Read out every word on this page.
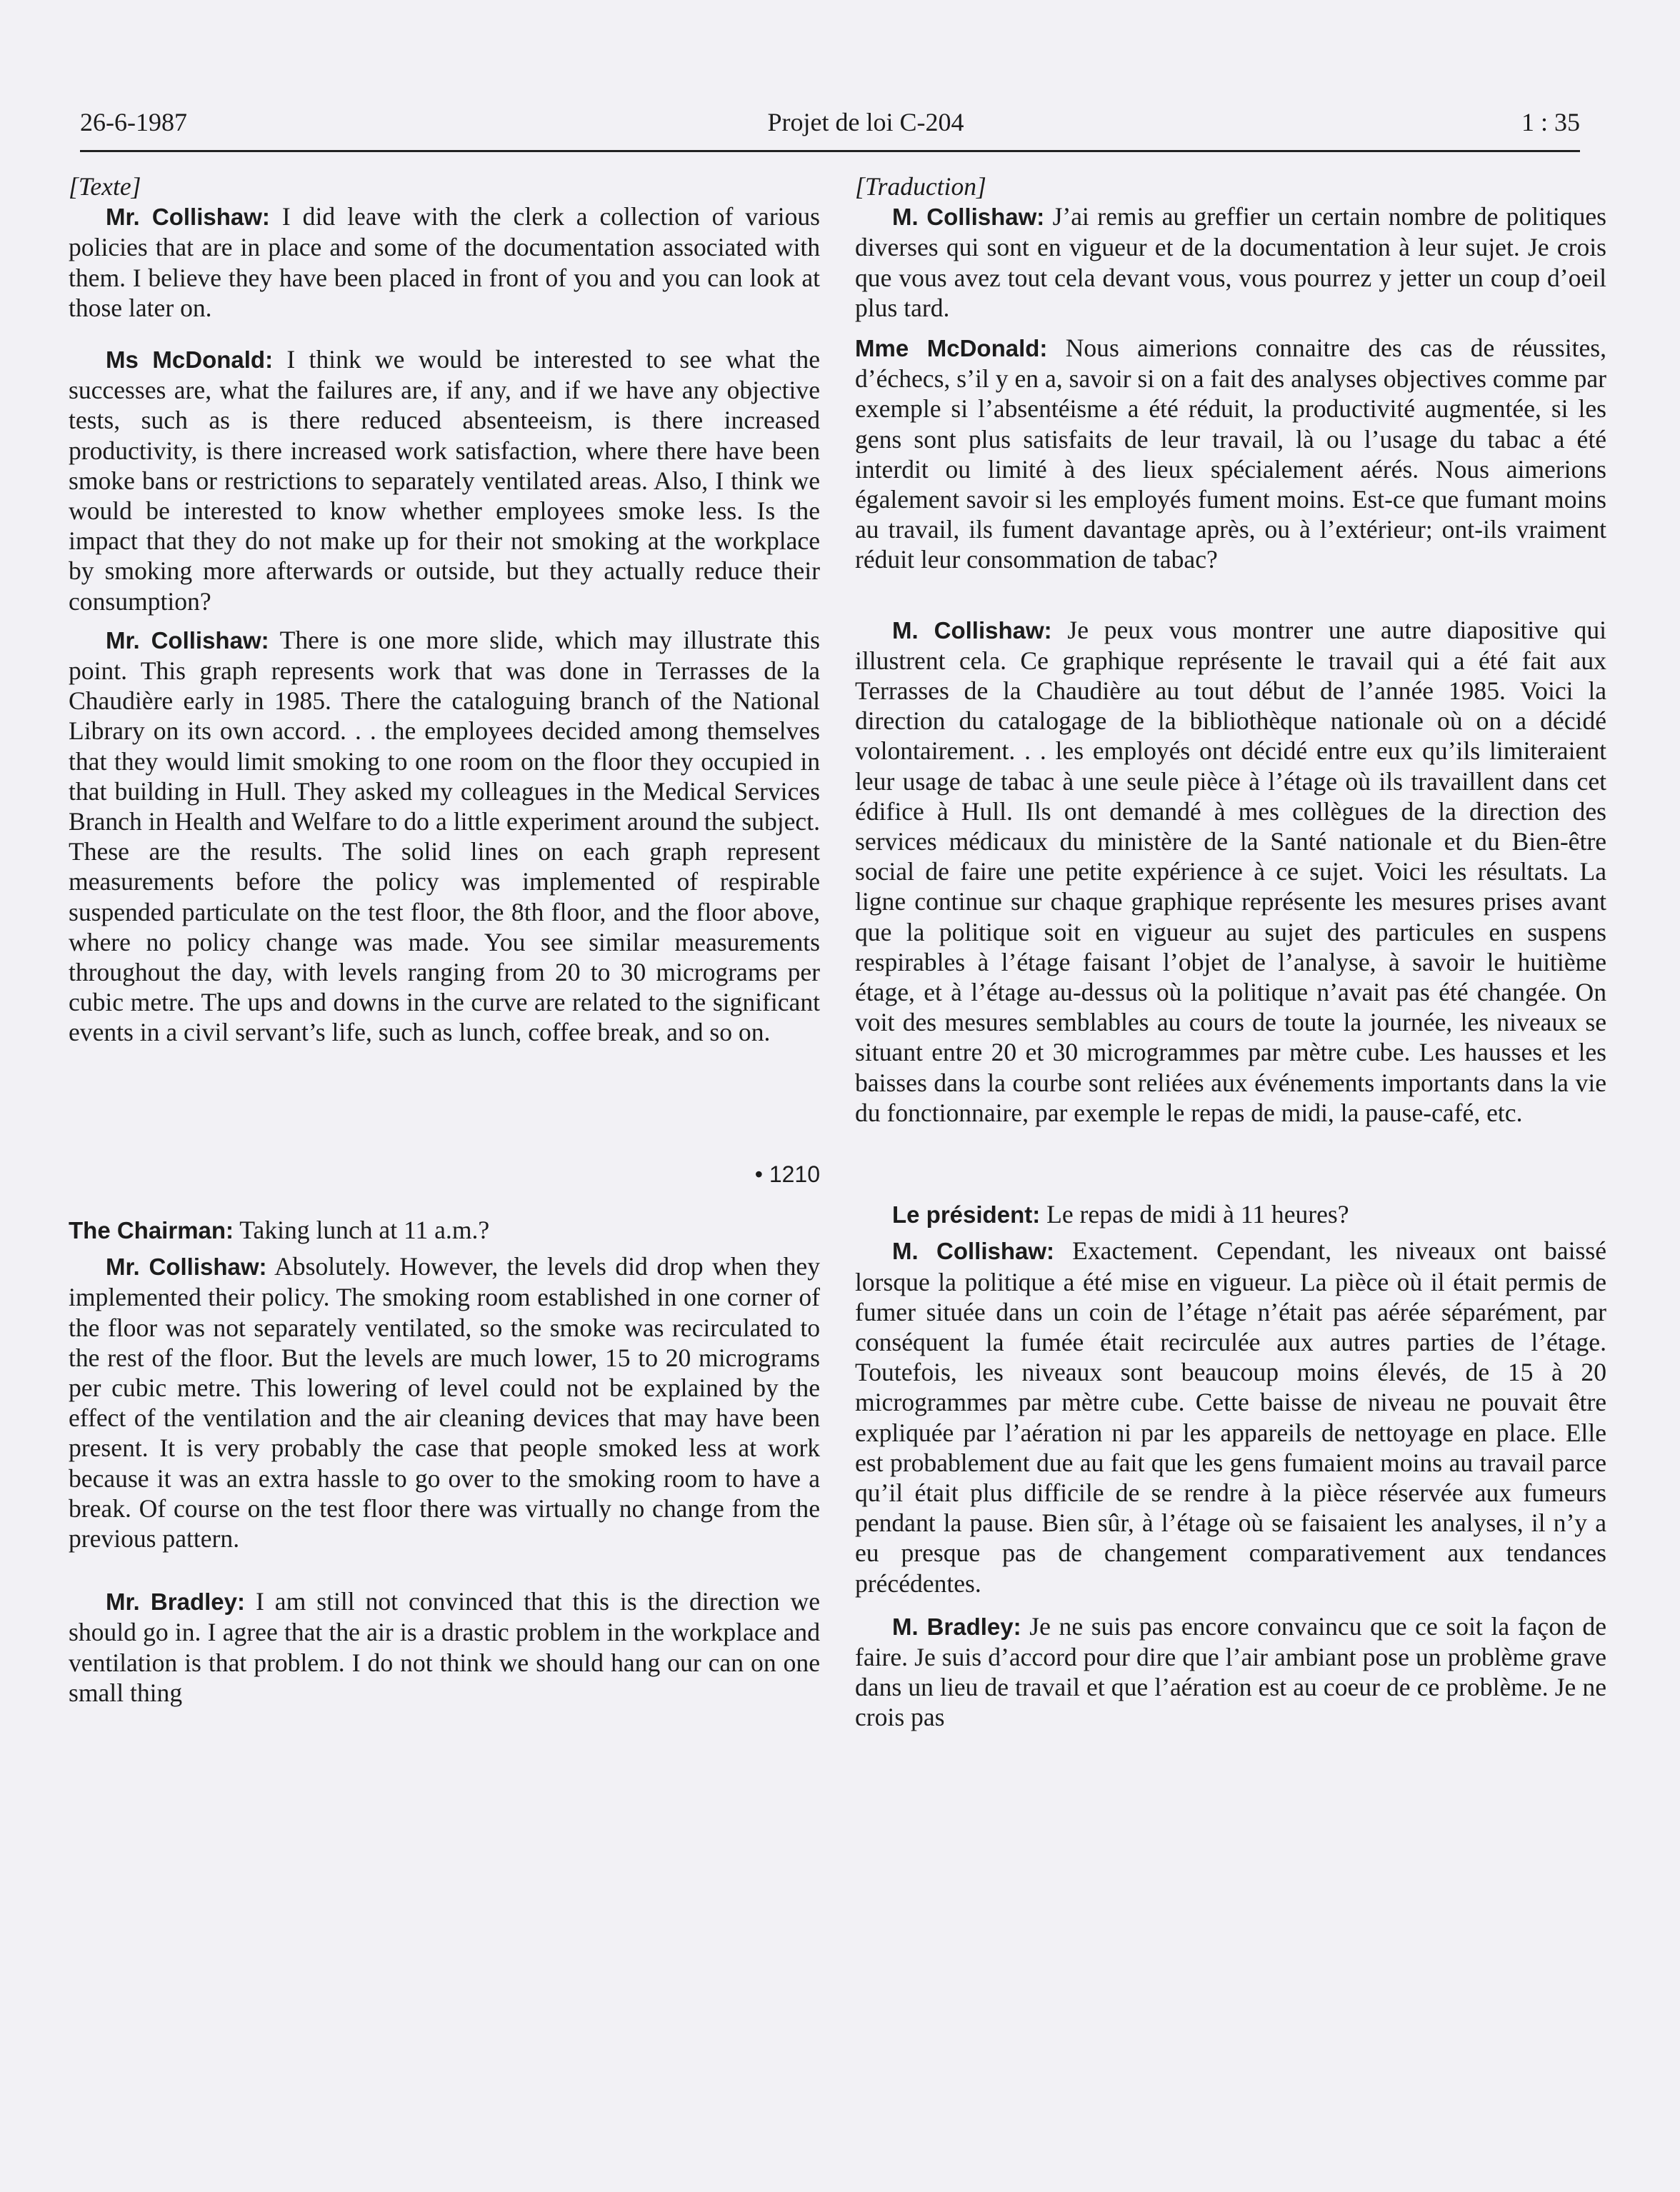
26-6-1987	Projet de loi C-204	1 : 35

[Texte]

Mr. Collishaw: I did leave with the clerk a collection of various policies that are in place and some of the documentation associated with them. I believe they have been placed in front of you and you can look at those later on.

Ms McDonald: I think we would be interested to see what the successes are, what the failures are, if any, and if we have any objective tests, such as is there reduced absenteeism, is there increased productivity, is there increased work satisfaction, where there have been smoke bans or restrictions to separately ventilated areas. Also, I think we would be interested to know whether employees smoke less. Is the impact that they do not make up for their not smoking at the workplace by smoking more afterwards or outside, but they actually reduce their consumption?

Mr. Collishaw: There is one more slide, which may illustrate this point. This graph represents work that was done in Terrasses de la Chaudière early in 1985. There the cataloguing branch of the National Library on its own accord. . . the employees decided among themselves that they would limit smoking to one room on the floor they occupied in that building in Hull. They asked my colleagues in the Medical Services Branch in Health and Welfare to do a little experiment around the subject. These are the results. The solid lines on each graph represent measurements before the policy was implemented of respirable suspended particulate on the test floor, the 8th floor, and the floor above, where no policy change was made. You see similar measurements throughout the day, with levels ranging from 20 to 30 micrograms per cubic metre. The ups and downs in the curve are related to the significant events in a civil servant’s life, such as lunch, coffee break, and so on.

• 1210

The Chairman: Taking lunch at 11 a.m.?

Mr. Collishaw: Absolutely. However, the levels did drop when they implemented their policy. The smoking room established in one corner of the floor was not separately ventilated, so the smoke was recirculated to the rest of the floor. But the levels are much lower, 15 to 20 micrograms per cubic metre. This lowering of level could not be explained by the effect of the ventilation and the air cleaning devices that may have been present. It is very probably the case that people smoked less at work because it was an extra hassle to go over to the smoking room to have a break. Of course on the test floor there was virtually no change from the previous pattern.

Mr. Bradley: I am still not convinced that this is the direction we should go in. I agree that the air is a drastic problem in the workplace and ventilation is that problem. I do not think we should hang our can on one small thing

[Traduction]

M. Collishaw: J’ai remis au greffier un certain nombre de politiques diverses qui sont en vigueur et de la documentation à leur sujet. Je crois que vous avez tout cela devant vous, vous pourrez y jetter un coup d’oeil plus tard.

Mme McDonald: Nous aimerions connaitre des cas de réussites, d’échecs, s’il y en a, savoir si on a fait des analyses objectives comme par exemple si l’absentéisme a été réduit, la productivité augmentée, si les gens sont plus satisfaits de leur travail, là ou l’usage du tabac a été interdit ou limité à des lieux spécialement aérés. Nous aimerions également savoir si les employés fument moins. Est-ce que fumant moins au travail, ils fument davantage après, ou à l’extérieur; ont-ils vraiment réduit leur consommation de tabac?

M. Collishaw: Je peux vous montrer une autre diapositive qui illustrent cela. Ce graphique représente le travail qui a été fait aux Terrasses de la Chaudière au tout début de l’année 1985. Voici la direction du catalogage de la bibliothèque nationale où on a décidé volontairement. . . les employés ont décidé entre eux qu’ils limiteraient leur usage de tabac à une seule pièce à l’étage où ils travaillent dans cet édifice à Hull. Ils ont demandé à mes collègues de la direction des services médicaux du ministère de la Santé nationale et du Bien-être social de faire une petite expérience à ce sujet. Voici les résultats. La ligne continue sur chaque graphique représente les mesures prises avant que la politique soit en vigueur au sujet des particules en suspens respirables à l’étage faisant l’objet de l’analyse, à savoir le huitième étage, et à l’étage au-dessus où la politique n’avait pas été changée. On voit des mesures semblables au cours de toute la journée, les niveaux se situant entre 20 et 30 microgrammes par mètre cube. Les hausses et les baisses dans la courbe sont reliées aux événements importants dans la vie du fonctionnaire, par exemple le repas de midi, la pause-café, etc.

Le président: Le repas de midi à 11 heures?

M. Collishaw: Exactement. Cependant, les niveaux ont baissé lorsque la politique a été mise en vigueur. La pièce où il était permis de fumer située dans un coin de l’étage n’était pas aérée séparément, par conséquent la fumée était recirculée aux autres parties de l’étage. Toutefois, les niveaux sont beaucoup moins élevés, de 15 à 20 microgrammes par mètre cube. Cette baisse de niveau ne pouvait être expliquée par l’aération ni par les appareils de nettoyage en place. Elle est probablement due au fait que les gens fumaient moins au travail parce qu’il était plus difficile de se rendre à la pièce réservée aux fumeurs pendant la pause. Bien sûr, à l’étage où se faisaient les analyses, il n’y a eu presque pas de changement comparativement aux tendances précédentes.

M. Bradley: Je ne suis pas encore convaincu que ce soit la façon de faire. Je suis d’accord pour dire que l’air ambiant pose un problème grave dans un lieu de travail et que l’aération est au coeur de ce problème. Je ne crois pas
